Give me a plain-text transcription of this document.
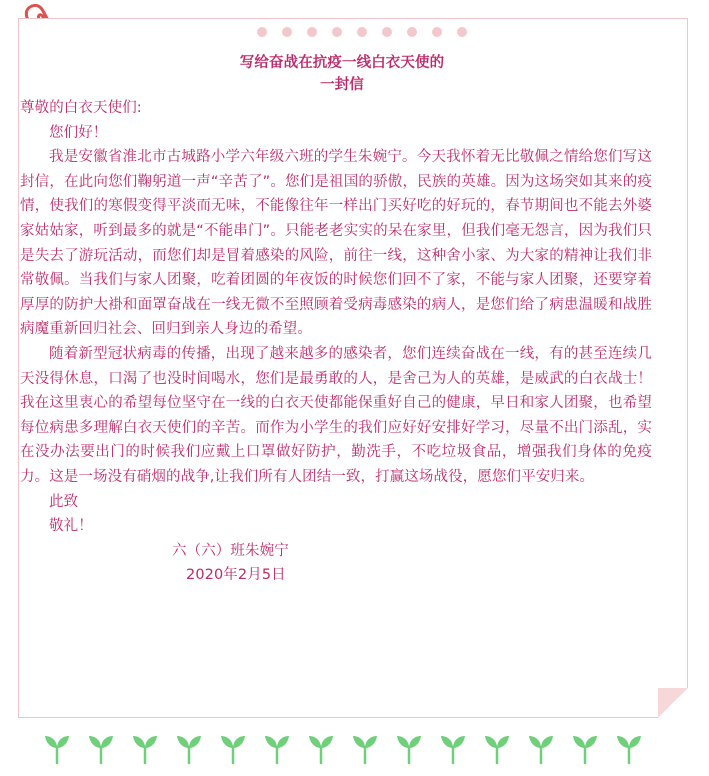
写给奋战在抗疫一线白衣天使的
一封信
尊敬的白衣天使们:
您们好！
我是安徽省淮北市古城路小学六年级六班的学生朱婉宁。今天我怀着无比敬佩之情给您们写这封信，在此向您们鞠躬道一声“辛苦了”。您们是祖国的骄傲，民族的英雄。因为这场突如其来的疫情，使我们的寒假变得平淡而无味，不能像往年一样出门买好吃的好玩的，春节期间也不能去外婆家姑姑家，听到最多的就是“不能串门”。只能老老实实的呆在家里，但我们毫无怨言，因为我们只是失去了游玩活动，而您们却是冒着感染的风险，前往一线，这种舍小家、为大家的精神让我们非常敬佩。当我们与家人团聚，吃着团圆的年夜饭的时候您们回不了家，不能与家人团聚，还要穿着厚厚的防护大褂和面罩奋战在一线无微不至照顾着受病毒感染的病人，是您们给了病患温暖和战胜病魔重新回归社会、回归到亲人身边的希望。
随着新型冠状病毒的传播，出现了越来越多的感染者，您们连续奋战在一线，有的甚至连续几天没得休息，口渴了也没时间喝水，您们是最勇敢的人，是舍己为人的英雄，是威武的白衣战士！我在这里衷心的希望每位坚守在一线的白衣天使都能保重好自己的健康，早日和家人团聚，也希望每位病患多理解白衣天使们的辛苦。而作为小学生的我们应好好安排好学习，尽量不出门添乱，实在没办法要出门的时候我们应戴上口罩做好防护，勤洗手，不吃垃圾食品，增强我们身体的免疫力。这是一场没有硝烟的战争,让我们所有人团结一致，打赢这场战役，愿您们平安归来。
此致
敬礼！
六（六）班朱婉宁
2020年2月5日
